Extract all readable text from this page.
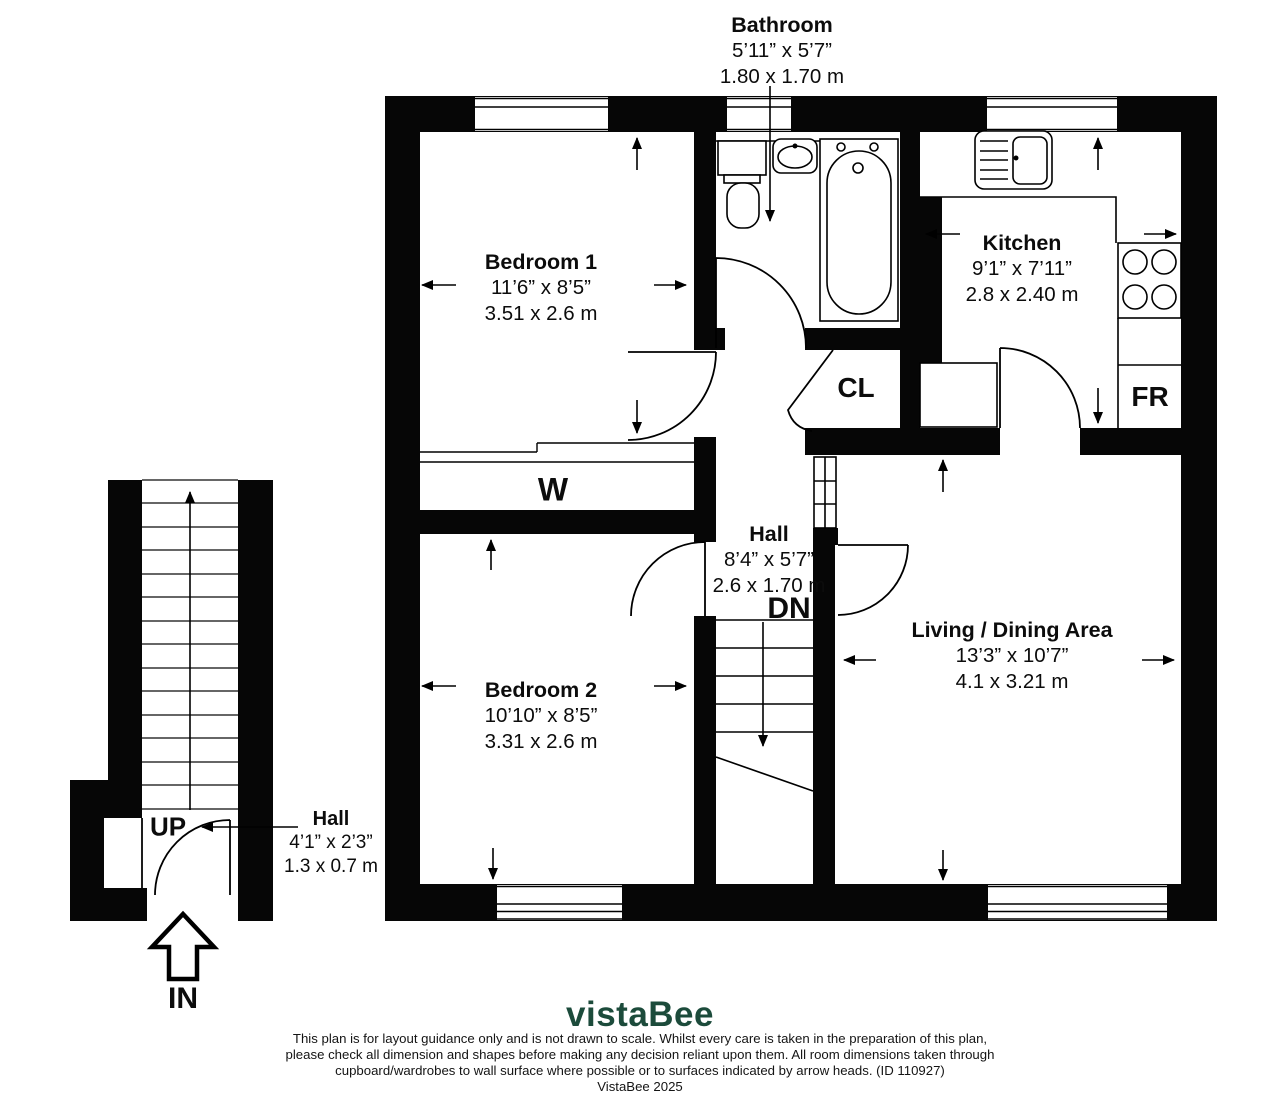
Bathroom
5’11” x 5’7”
1.80 x 1.70 m
Bedroom 1
11’6” x 8’5”
3.51 x 2.6 m
Kitchen
9’1” x 7’11”
2.8 x 2.40 m
Hall
8’4” x 5’7”
2.6 x 1.70 m
Living / Dining Area
13’3” x 10’7”
4.1 x 3.21 m
Bedroom 2
10’10” x 8’5”
3.31 x 2.6 m
Hall
4’1” x 2’3”
1.3 x 0.7 m
CL	FR
W
DN
UP
IN	vistaBee
This plan is for layout guidance only and is not drawn to scale. Whilst every care is taken in the preparation of this plan,
please check all dimension and shapes before making any decision reliant upon them. All room dimensions taken through
cupboard/wardrobes to wall surface where possible or to surfaces indicated by arrow heads. (ID 110927)
VistaBee 2025
